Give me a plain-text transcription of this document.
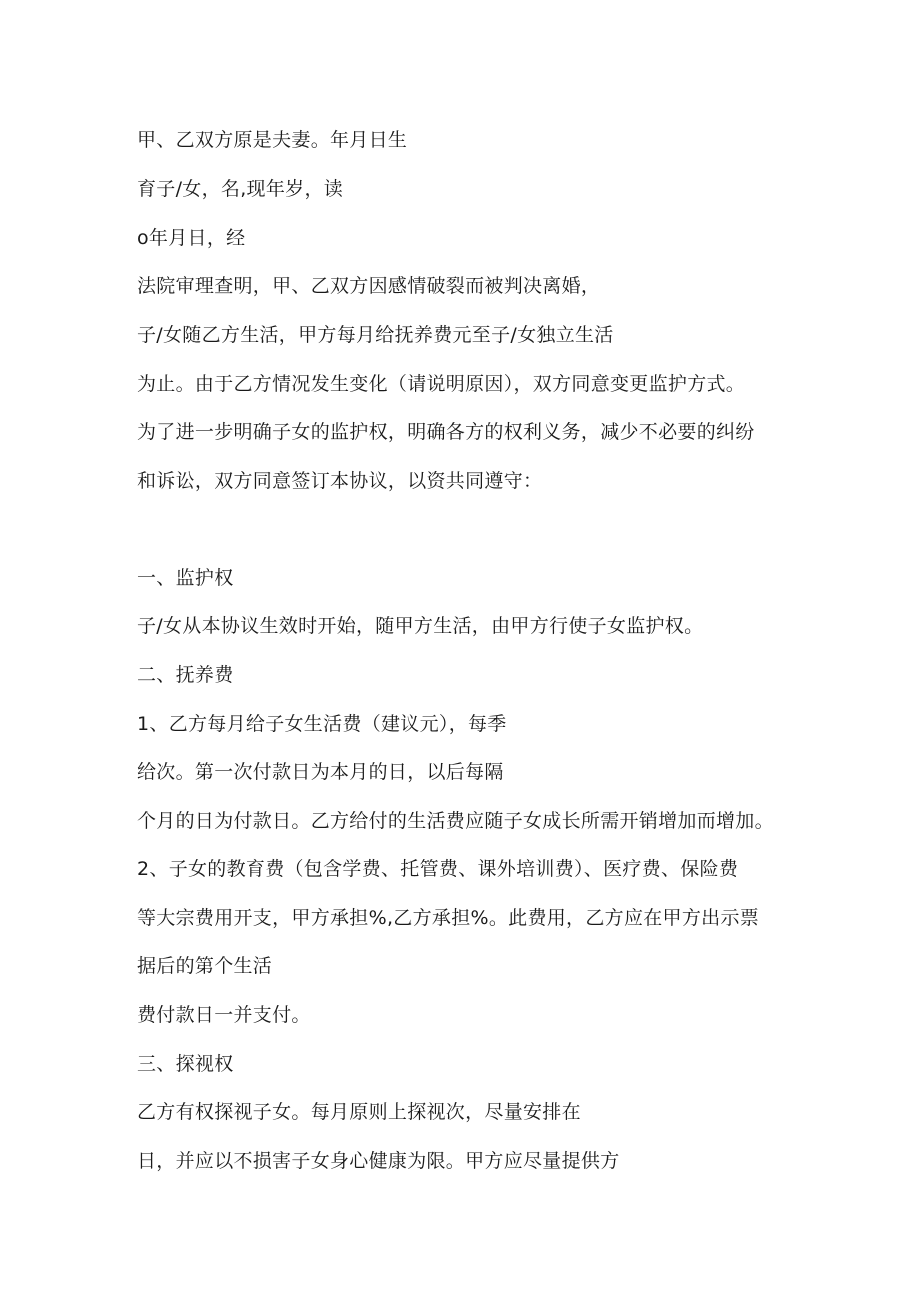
甲、乙双方原是夫妻。年月日生
育子/女，名,现年岁，读
o年月日，经
法院审理查明，甲、乙双方因感情破裂而被判决离婚，
子/女随乙方生活，甲方每月给抚养费元至子/女独立生活
为止。由于乙方情况发生变化（请说明原因），双方同意变更监护方式。
为了进一步明确子女的监护权，明确各方的权利义务，减少不必要的纠纷
和诉讼，双方同意签订本协议，以资共同遵守：
一、监护权
子/女从本协议生效时开始，随甲方生活，由甲方行使子女监护权。
二、抚养费
1、乙方每月给子女生活费（建议元），每季
给次。第一次付款日为本月的日，以后每隔
个月的日为付款日。乙方给付的生活费应随子女成长所需开销增加而增加。
2、子女的教育费（包含学费、托管费、课外培训费）、医疗费、保险费
等大宗费用开支，甲方承担%,乙方承担%。此费用，乙方应在甲方出示票
据后的第个生活
费付款日一并支付。
三、探视权
乙方有权探视子女。每月原则上探视次，尽量安排在
日，并应以不损害子女身心健康为限。甲方应尽量提供方
